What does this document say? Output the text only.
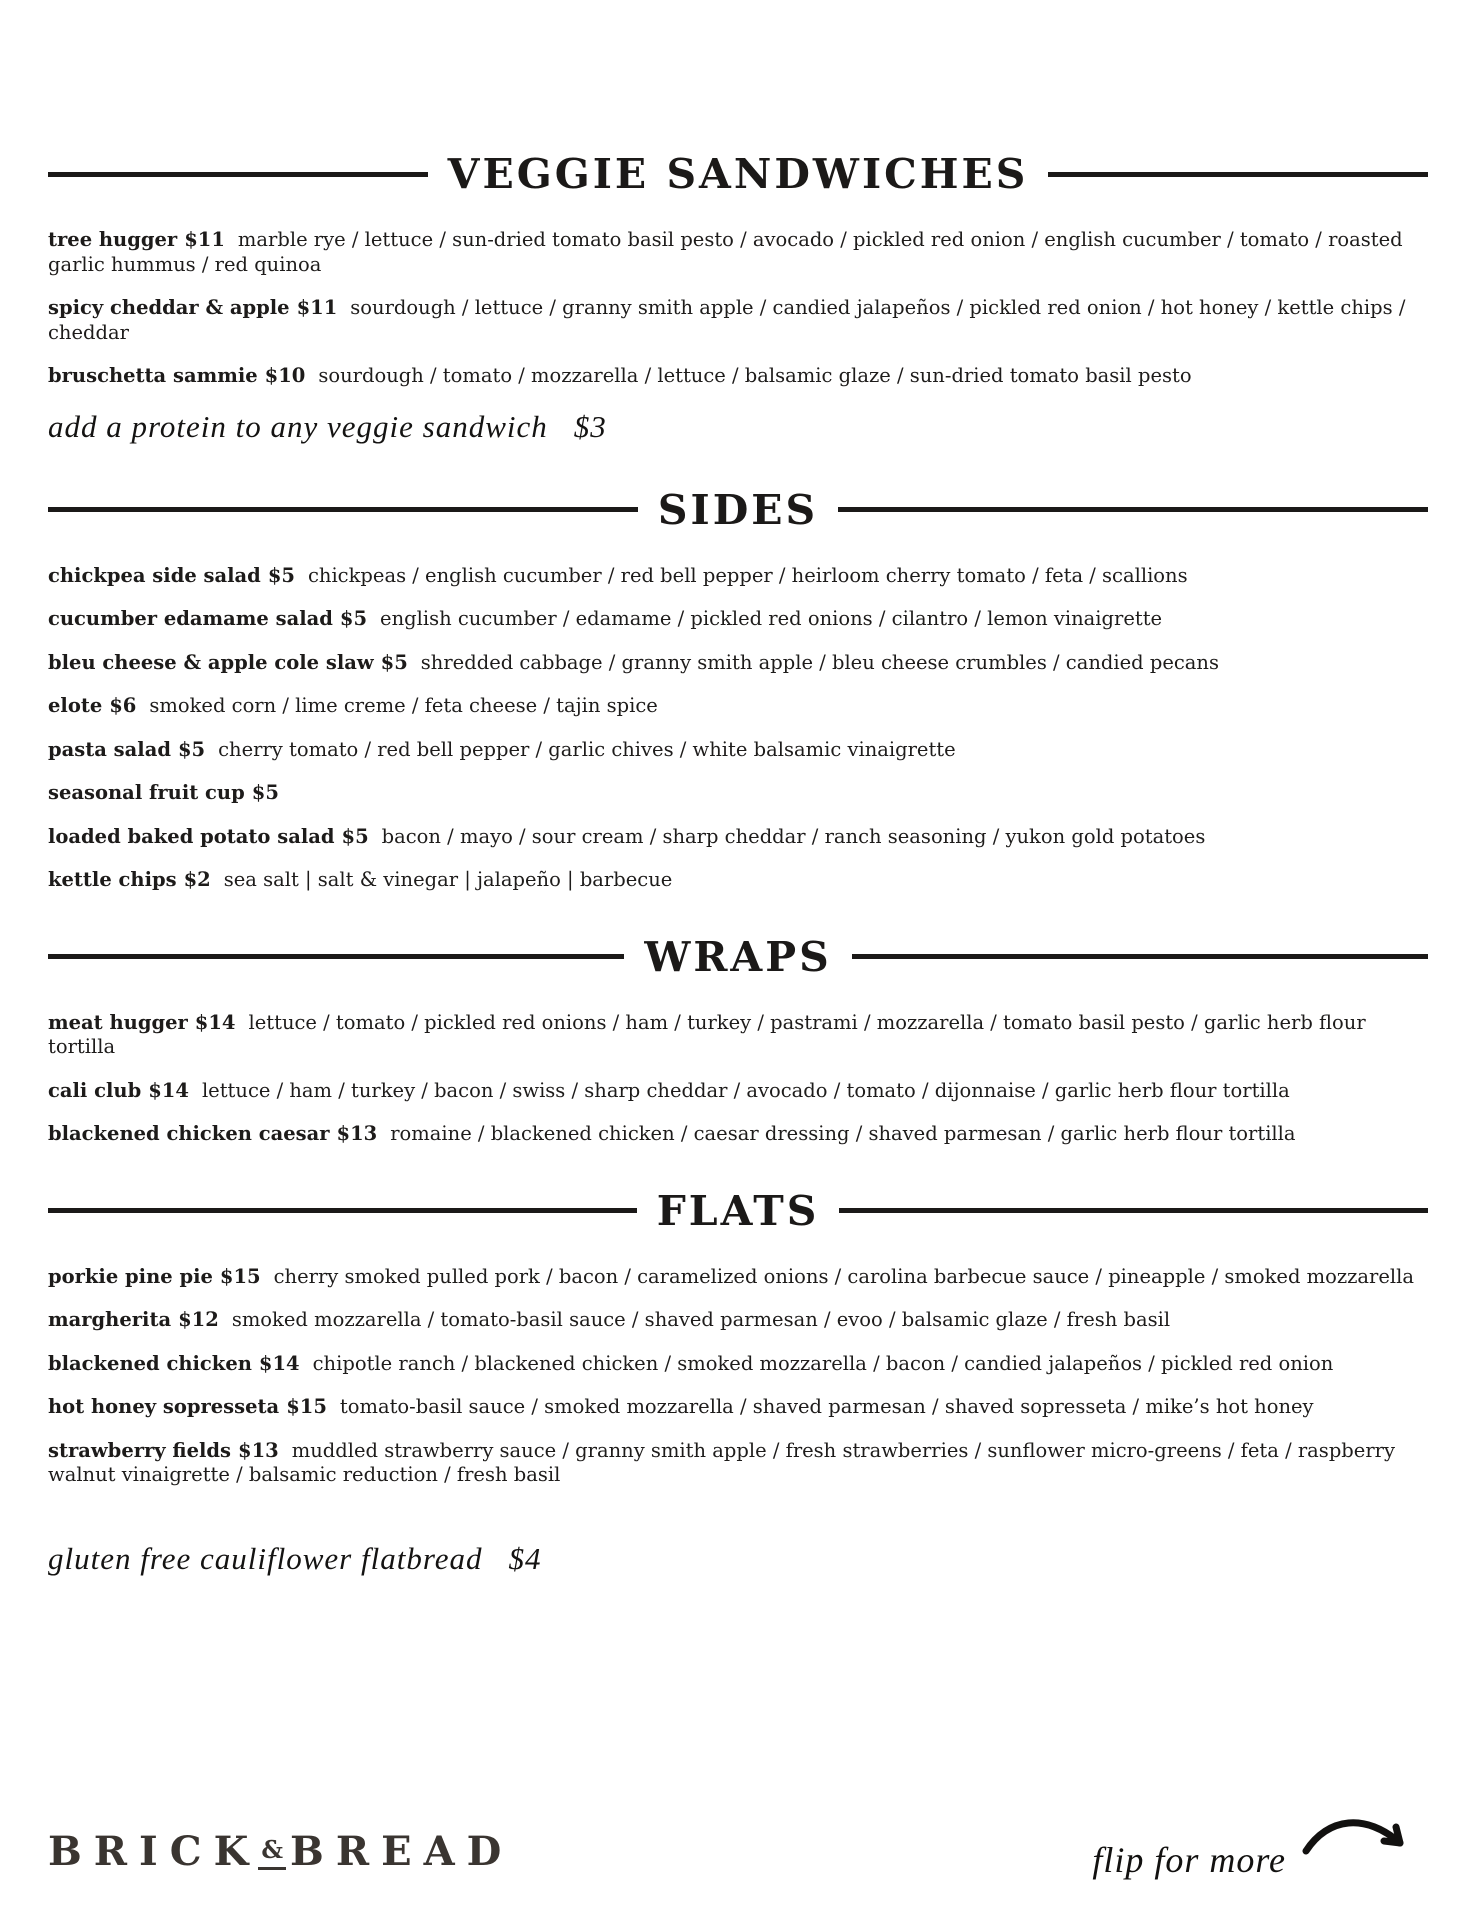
VEGGIE SANDWICHES

tree hugger $11 marble rye / lettuce / sun-dried tomato basil pesto / avocado / pickled red onion / english cucumber / tomato / roasted garlic hummus / red quinoa

spicy cheddar & apple $11 sourdough / lettuce / granny smith apple / candied jalapeños / pickled red onion / hot honey / kettle chips / cheddar

bruschetta sammie $10 sourdough / tomato / mozzarella / lettuce / balsamic glaze / sun-dried tomato basil pesto

add a protein to any veggie sandwich $3
SIDES

chickpea side salad $5 chickpeas / english cucumber / red bell pepper / heirloom cherry tomato / feta / scallions

cucumber edamame salad $5 english cucumber / edamame / pickled red onions / cilantro / lemon vinaigrette

bleu cheese & apple cole slaw $5 shredded cabbage / granny smith apple / bleu cheese crumbles / candied pecans

elote $6 smoked corn / lime creme / feta cheese / tajin spice

pasta salad $5 cherry tomato / red bell pepper / garlic chives / white balsamic vinaigrette

seasonal fruit cup $5

loaded baked potato salad $5 bacon / mayo / sour cream / sharp cheddar / ranch seasoning / yukon gold potatoes

kettle chips $2 sea salt | salt & vinegar | jalapeño | barbecue

WRAPS

meat hugger $14 lettuce / tomato / pickled red onions / ham / turkey / pastrami / mozzarella / tomato basil pesto / garlic herb flour tortilla

cali club $14 lettuce / ham / turkey / bacon / swiss / sharp cheddar / avocado / tomato / dijonnaise / garlic herb flour tortilla

blackened chicken caesar $13 romaine / blackened chicken / caesar dressing / shaved parmesan / garlic herb flour tortilla

FLATS

porkie pine pie $15 cherry smoked pulled pork / bacon / caramelized onions / carolina barbecue sauce / pineapple / smoked mozzarella

margherita $12 smoked mozzarella / tomato-basil sauce / shaved parmesan / evoo / balsamic glaze / fresh basil

blackened chicken $14 chipotle ranch / blackened chicken / smoked mozzarella / bacon / candied jalapeños / pickled red onion

hot honey sopresseta $15 tomato-basil sauce / smoked mozzarella / shaved parmesan / shaved sopresseta / mike’s hot honey

strawberry fields $13 muddled strawberry sauce / granny smith apple / fresh strawberries / sunflower micro-greens / feta / raspberry walnut vinaigrette / balsamic reduction / fresh basil

gluten free cauliflower flatbread $4
BRICK& BREAD	flip for more
